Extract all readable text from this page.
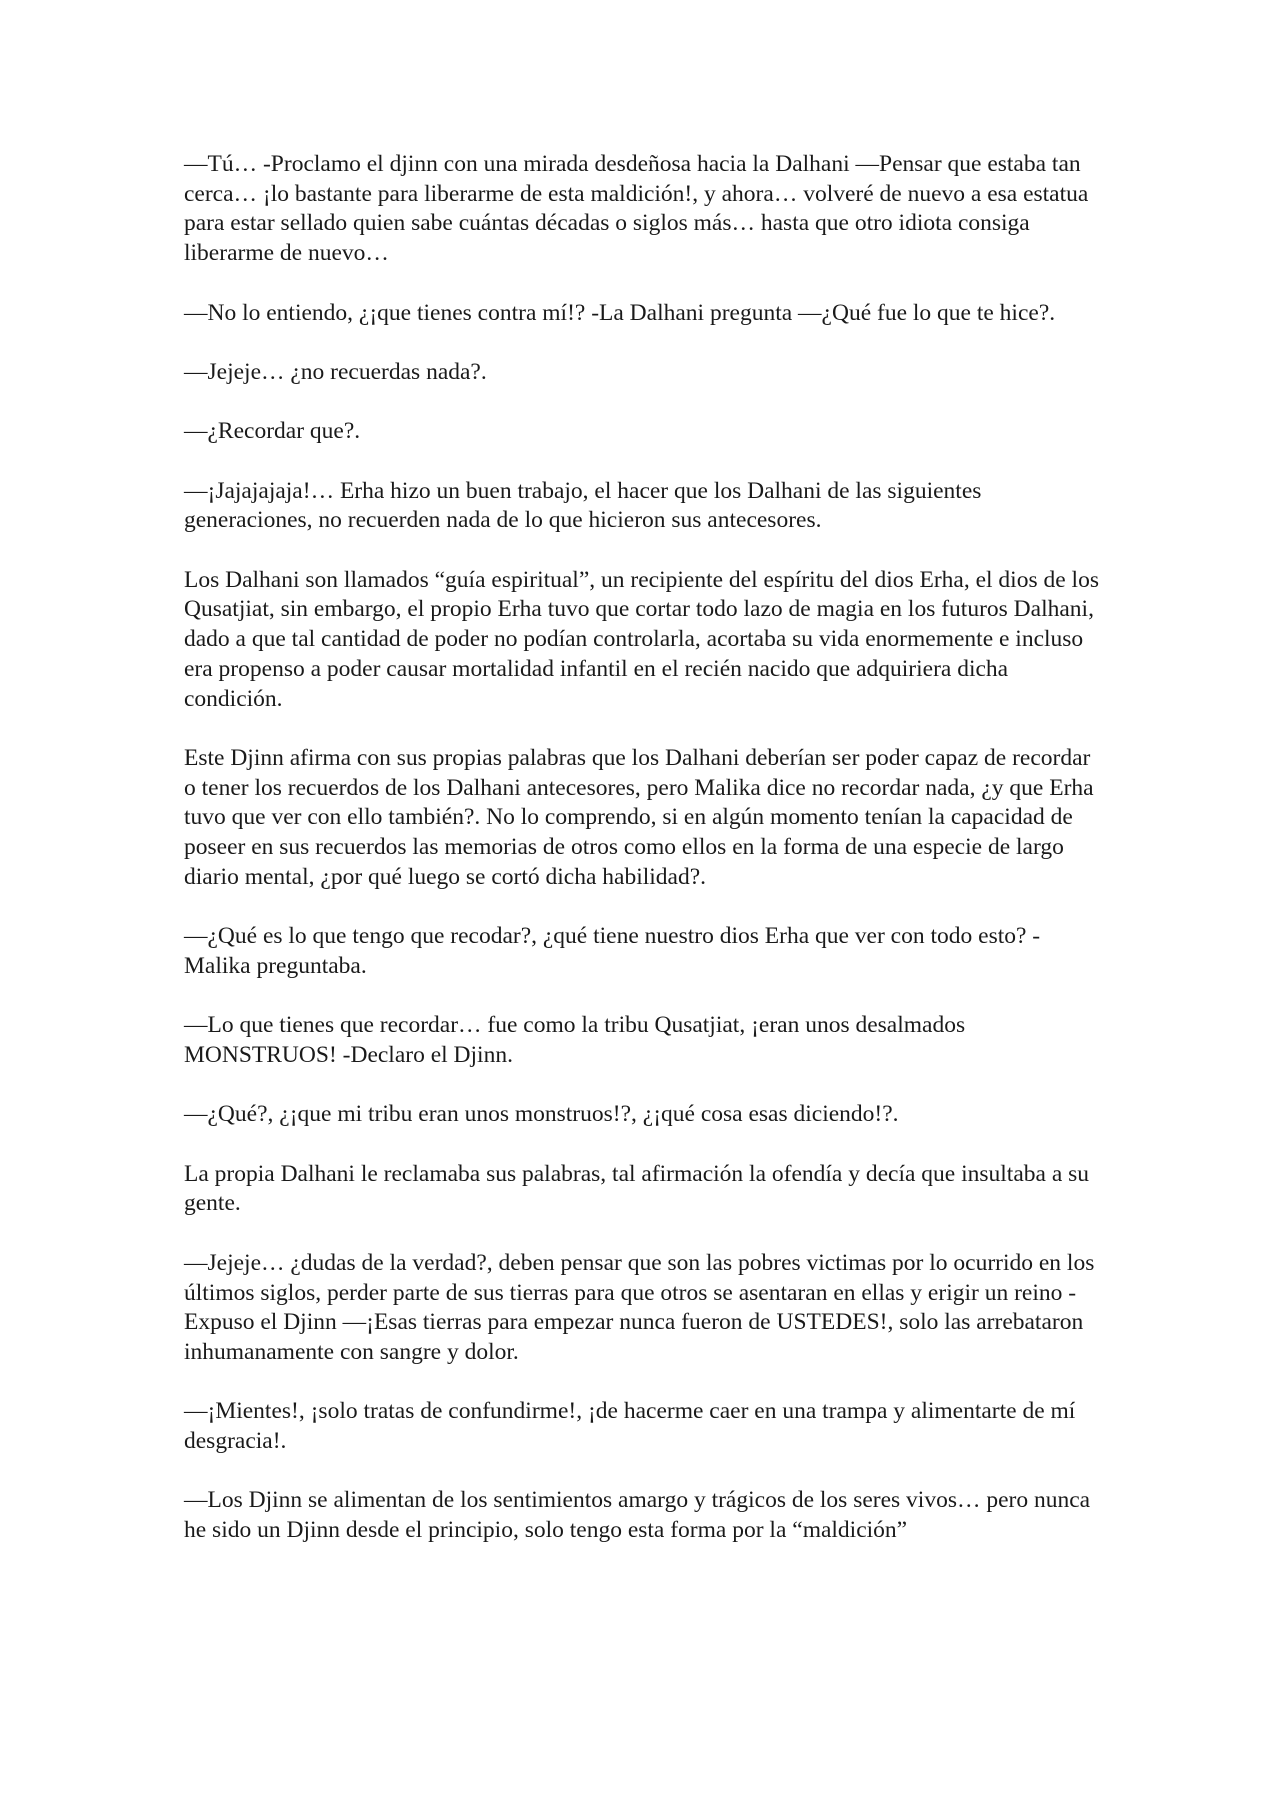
—Tú… -Proclamo el djinn con una mirada desdeñosa hacia la Dalhani —Pensar que estaba tan cerca… ¡lo bastante para liberarme de esta maldición!, y ahora… volveré de nuevo a esa estatua para estar sellado quien sabe cuántas décadas o siglos más… hasta que otro idiota consiga liberarme de nuevo…

—No lo entiendo, ¿¡que tienes contra mí!? -La Dalhani pregunta —¿Qué fue lo que te hice?.

—Jejeje… ¿no recuerdas nada?.

—¿Recordar que?.

—¡Jajajajaja!… Erha hizo un buen trabajo, el hacer que los Dalhani de las siguientes generaciones, no recuerden nada de lo que hicieron sus antecesores.

Los Dalhani son llamados “guía espiritual”, un recipiente del espíritu del dios Erha, el dios de los Qusatjiat, sin embargo, el propio Erha tuvo que cortar todo lazo de magia en los futuros Dalhani, dado a que tal cantidad de poder no podían controlarla, acortaba su vida enormemente e incluso era propenso a poder causar mortalidad infantil en el recién nacido que adquiriera dicha condición.

Este Djinn afirma con sus propias palabras que los Dalhani deberían ser poder capaz de recordar o tener los recuerdos de los Dalhani antecesores, pero Malika dice no recordar nada, ¿y que Erha tuvo que ver con ello también?. No lo comprendo, si en algún momento tenían la capacidad de poseer en sus recuerdos las memorias de otros como ellos en la forma de una especie de largo diario mental, ¿por qué luego se cortó dicha habilidad?.

—¿Qué es lo que tengo que recodar?, ¿qué tiene nuestro dios Erha que ver con todo esto? -Malika preguntaba.

—Lo que tienes que recordar… fue como la tribu Qusatjiat, ¡eran unos desalmados MONSTRUOS! -Declaro el Djinn.

—¿Qué?, ¿¡que mi tribu eran unos monstruos!?, ¿¡qué cosa esas diciendo!?.

La propia Dalhani le reclamaba sus palabras, tal afirmación la ofendía y decía que insultaba a su gente.

—Jejeje… ¿dudas de la verdad?, deben pensar que son las pobres victimas por lo ocurrido en los últimos siglos, perder parte de sus tierras para que otros se asentaran en ellas y erigir un reino -Expuso el Djinn —¡Esas tierras para empezar nunca fueron de USTEDES!, solo las arrebataron inhumanamente con sangre y dolor.

—¡Mientes!, ¡solo tratas de confundirme!, ¡de hacerme caer en una trampa y alimentarte de mí desgracia!.

—Los Djinn se alimentan de los sentimientos amargo y trágicos de los seres vivos… pero nunca he sido un Djinn desde el principio, solo tengo esta forma por la “maldición”
